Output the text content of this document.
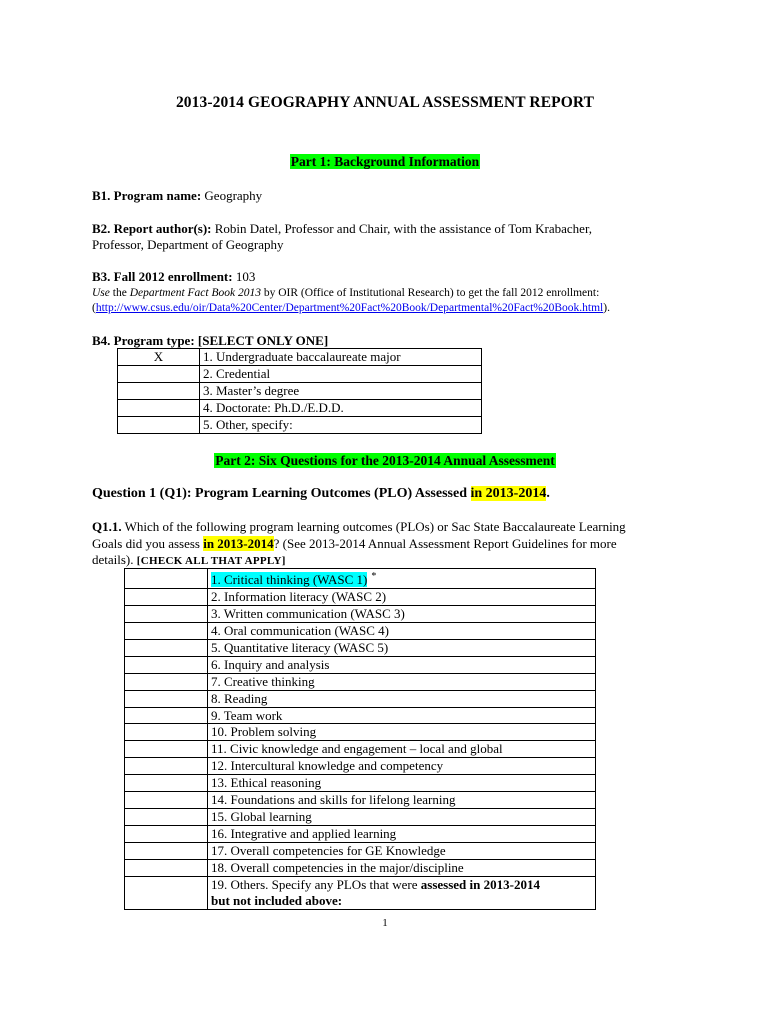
2013-2014 GEOGRAPHY ANNUAL ASSESSMENT REPORT
Part 1: Background Information
B1. Program name: Geography
B2. Report author(s): Robin Datel, Professor and Chair, with the assistance of Tom Krabacher,
Professor, Department of Geography
B3. Fall 2012 enrollment: 103
Use the Department Fact Book 2013 by OIR (Office of Institutional Research) to get the fall 2012 enrollment:
(http://www.csus.edu/oir/Data%20Center/Department%20Fact%20Book/Departmental%20Fact%20Book.html).
B4. Program type: [SELECT ONLY ONE]
X	1. Undergraduate baccalaureate major
	2. Credential
	3. Master’s degree
	4. Doctorate: Ph.D./E.D.D.
	5. Other, specify:
Part 2: Six Questions for the 2013-2014 Annual Assessment
Question 1 (Q1): Program Learning Outcomes (PLO) Assessed in 2013-2014.
Q1.1. Which of the following program learning outcomes (PLOs) or Sac State Baccalaureate Learning
Goals did you assess in 2013-2014? (See 2013-2014 Annual Assessment Report Guidelines for more
details). [CHECK ALL THAT APPLY]
	1. Critical thinking (WASC 1) *
	2. Information literacy (WASC 2)
	3. Written communication (WASC 3)
	4. Oral communication (WASC 4)
	5. Quantitative literacy (WASC 5)
	6. Inquiry and analysis
	7. Creative thinking
	8. Reading
	9. Team work
	10. Problem solving
	11. Civic knowledge and engagement – local and global
	12. Intercultural knowledge and competency
	13. Ethical reasoning
	14. Foundations and skills for lifelong learning
	15. Global learning
	16. Integrative and applied learning
	17. Overall competencies for GE Knowledge
	18. Overall competencies in the major/discipline
	19. Others. Specify any PLOs that were assessed in 2013-2014
but not included above:
1
